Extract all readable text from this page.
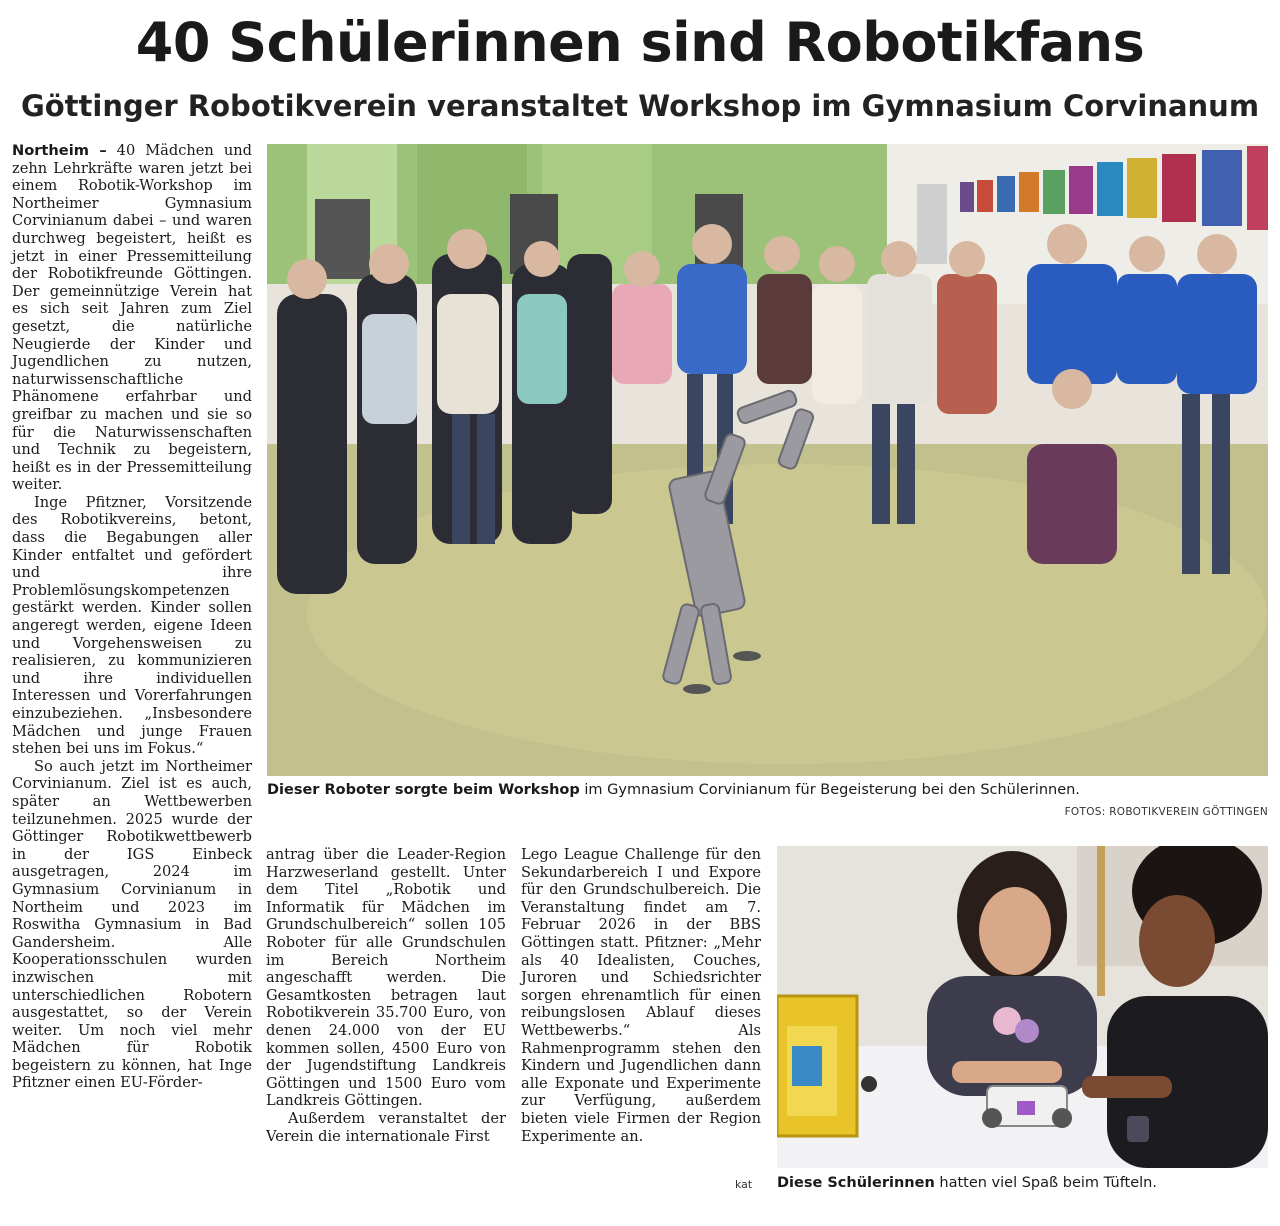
40 Schülerinnen sind Robotikfans
Göttinger Robotikverein veranstaltet Workshop im Gymnasium Corvinanum

Northeim – 40 Mädchen und zehn Lehrkräfte waren jetzt bei einem Robotik-Workshop im Northeimer Gymnasium Corvinianum dabei – und waren durchweg begeistert, heißt es jetzt in einer Pressemitteilung der Robotikfreunde Göttingen. Der gemeinnützige Verein hat es sich seit Jahren zum Ziel gesetzt, die natürliche Neugierde der Kinder und Jugendlichen zu nutzen, naturwissenschaftliche Phänomene erfahrbar und greifbar zu machen und sie so für die Naturwissenschaften und Technik zu begeistern, heißt es in der Pressemitteilung weiter.

Inge Pfitzner, Vorsitzende des Robotikvereins, betont, dass die Begabungen aller Kinder entfaltet und gefördert und ihre Problemlösungskompetenzen gestärkt werden. Kinder sollen angeregt werden, eigene Ideen und Vorgehensweisen zu realisieren, zu kommunizieren und ihre individuellen Interessen und Vorerfahrungen einzubeziehen. „Insbesondere Mädchen und junge Frauen stehen bei uns im Fokus.“

So auch jetzt im Northeimer Corvinianum. Ziel ist es auch, später an Wettbewerben teilzunehmen. 2025 wurde der Göttinger Robotikwettbewerb in der IGS Einbeck ausgetragen, 2024 im Gymnasium Corvinianum in Northeim und 2023 im Roswitha Gymnasium in Bad Gandersheim. Alle Kooperationsschulen wurden inzwischen mit unterschiedlichen Robotern ausgestattet, so der Verein weiter. Um noch viel mehr Mädchen für Robotik begeistern zu können, hat Inge Pfitzner einen EU-Förder-

Dieser Roboter sorgte beim Workshop im Gymnasium Corvinianum für Begeisterung bei den Schülerinnen.

FOTOS: ROBOTIKVEREIN GÖTTINGEN

antrag über die Leader-Region Harzweserland gestellt. Unter dem Titel „Robotik und Informatik für Mädchen im Grundschulbereich“ sollen 105 Roboter für alle Grundschulen im Bereich Northeim angeschafft werden. Die Gesamtkosten betragen laut Robotikverein 35.700 Euro, von denen 24.000 von der EU kommen sollen, 4500 Euro von der Jugendstiftung Landkreis Göttingen und 1500 Euro vom Landkreis Göttingen.

Außerdem veranstaltet der Verein die internationale First

Lego League Challenge für den Sekundarbereich I und Expore für den Grundschulbereich. Die Veranstaltung findet am 7. Februar 2026 in der BBS Göttingen statt. Pfitzner: „Mehr als 40 Idealisten, Couches, Juroren und Schiedsrichter sorgen ehrenamtlich für einen reibungslosen Ablauf dieses Wettbewerbs.“ Als Rahmenprogramm stehen den Kindern und Jugendlichen dann alle Exponate und Experimente zur Verfügung, außerdem bieten viele Firmen der Region Experimente an.

kat Diese Schülerinnen hatten viel Spaß beim Tüfteln.
